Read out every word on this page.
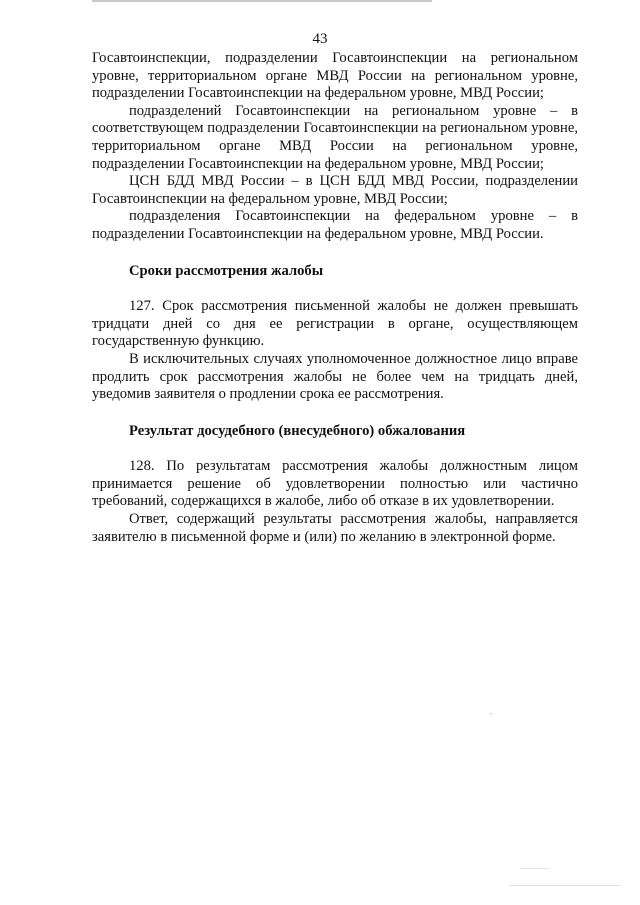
43

Госавтоинспекции, подразделении Госавтоинспекции на региональном уровне, территориальном органе МВД России на региональном уровне, подразделении Госавтоинспекции на федеральном уровне, МВД России;

подразделений Госавтоинспекции на региональном уровне – в соответствующем подразделении Госавтоинспекции на региональном уровне, территориальном органе МВД России на региональном уровне, подразделении Госавтоинспекции на федеральном уровне, МВД России;

ЦСН БДД МВД России – в ЦСН БДД МВД России, подразделении Госавтоинспекции на федеральном уровне, МВД России;

подразделения Госавтоинспекции на федеральном уровне – в подразделении Госавтоинспекции на федеральном уровне, МВД России.

Сроки рассмотрения жалобы

127. Срок рассмотрения письменной жалобы не должен превышать тридцати дней со дня ее регистрации в органе, осуществляющем государственную функцию.

В исключительных случаях уполномоченное должностное лицо вправе продлить срок рассмотрения жалобы не более чем на тридцать дней, уведомив заявителя о продлении срока ее рассмотрения.

Результат досудебного (внесудебного) обжалования

128. По результатам рассмотрения жалобы должностным лицом принимается решение об удовлетворении полностью или частично требований, содержащихся в жалобе, либо об отказе в их удовлетворении.

Ответ, содержащий результаты рассмотрения жалобы, направляется заявителю в письменной форме и (или) по желанию в электронной форме.
